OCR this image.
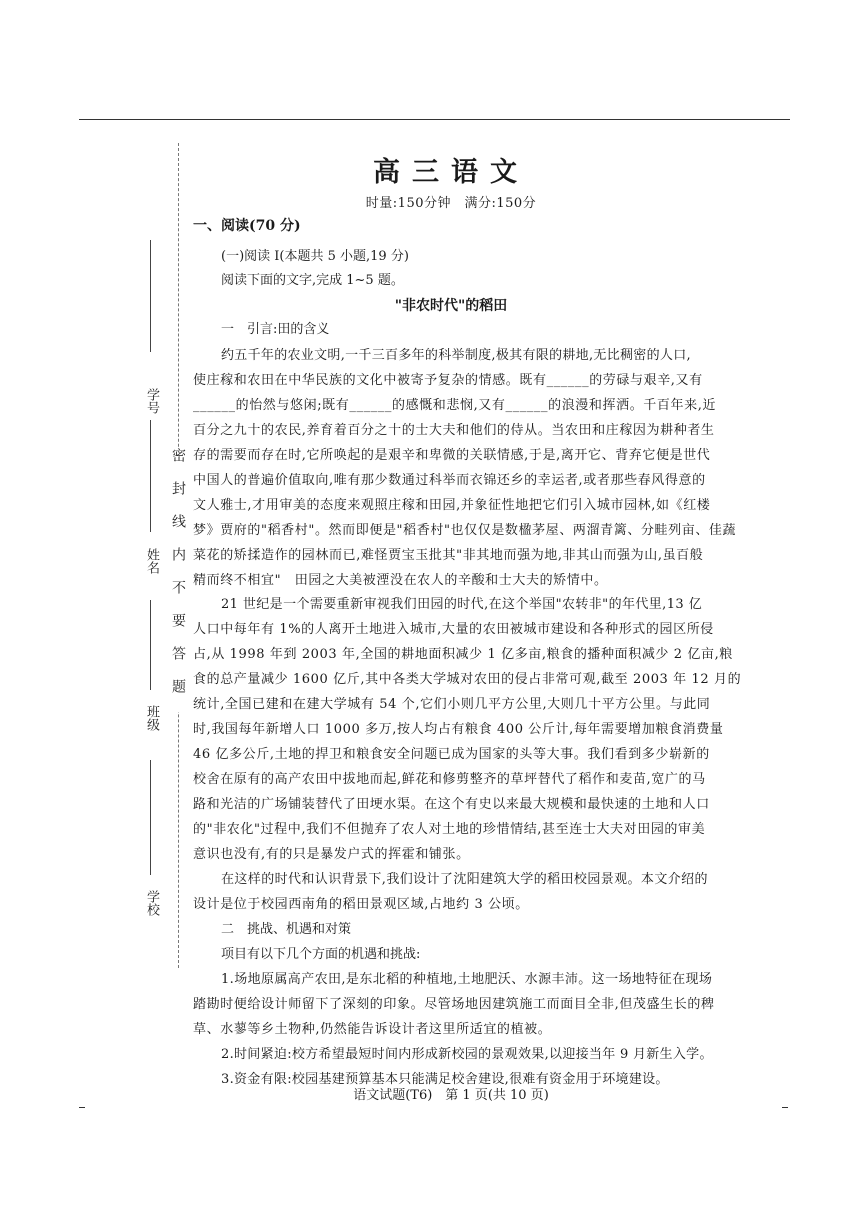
密封线内不要答题
学号
姓名
班级
学校
高三语文
时量:150分钟　满分:150分
一、阅读(70 分)
(一)阅读 Ⅰ(本题共 5 小题,19 分)
阅读下面的文字,完成 1~5 题。
"非农时代"的稻田
一　引言:田的含义
约五千年的农业文明,一千三百多年的科举制度,极其有限的耕地,无比稠密的人口,
使庄稼和农田在中华民族的文化中被寄予复杂的情感。既有______的劳碌与艰辛,又有
______的怡然与悠闲;既有______的感慨和悲悯,又有______的浪漫和挥洒。千百年来,近
百分之九十的农民,养育着百分之十的士大夫和他们的侍从。当农田和庄稼因为耕种者生
存的需要而存在时,它所唤起的是艰辛和卑微的关联情感,于是,离开它、背弃它便是世代
中国人的普遍价值取向,唯有那少数通过科举而衣锦还乡的幸运者,或者那些春风得意的
文人雅士,才用审美的态度来观照庄稼和田园,并象征性地把它们引入城市园林,如《红楼
梦》贾府的"稻香村"。然而即便是"稻香村"也仅仅是数楹茅屋、两溜青篱、分畦列亩、佳蔬
菜花的矫揉造作的园林而已,难怪贾宝玉批其"非其地而强为地,非其山而强为山,虽百般
精而终不相宜"　田园之大美被湮没在农人的辛酸和士大夫的矫情中。
21 世纪是一个需要重新审视我们田园的时代,在这个举国"农转非"的年代里,13 亿
人口中每年有 1%的人离开土地进入城市,大量的农田被城市建设和各种形式的园区所侵
占,从 1998 年到 2003 年,全国的耕地面积减少 1 亿多亩,粮食的播种面积减少 2 亿亩,粮
食的总产量减少 1600 亿斤,其中各类大学城对农田的侵占非常可观,截至 2003 年 12 月的
统计,全国已建和在建大学城有 54 个,它们小则几平方公里,大则几十平方公里。与此同
时,我国每年新增人口 1000 多万,按人均占有粮食 400 公斤计,每年需要增加粮食消费量
46 亿多公斤,土地的捍卫和粮食安全问题已成为国家的头等大事。我们看到多少崭新的
校舍在原有的高产农田中拔地而起,鲜花和修剪整齐的草坪替代了稻作和麦苗,宽广的马
路和光洁的广场铺装替代了田埂水渠。在这个有史以来最大规模和最快速的土地和人口
的"非农化"过程中,我们不但抛弃了农人对土地的珍惜情结,甚至连士大夫对田园的审美
意识也没有,有的只是暴发户式的挥霍和铺张。
在这样的时代和认识背景下,我们设计了沈阳建筑大学的稻田校园景观。本文介绍的
设计是位于校园西南角的稻田景观区域,占地约 3 公顷。
二　挑战、机遇和对策
项目有以下几个方面的机遇和挑战:
1.场地原属高产农田,是东北稻的种植地,土地肥沃、水源丰沛。这一场地特征在现场
踏勘时便给设计师留下了深刻的印象。尽管场地因建筑施工而面目全非,但茂盛生长的稗
草、水蓼等乡土物种,仍然能告诉设计者这里所适宜的植被。
2.时间紧迫:校方希望最短时间内形成新校园的景观效果,以迎接当年 9 月新生入学。
3.资金有限:校园基建预算基本只能满足校舍建设,很难有资金用于环境建设。
语文试题(T6)　第 1 页(共 10 页)
